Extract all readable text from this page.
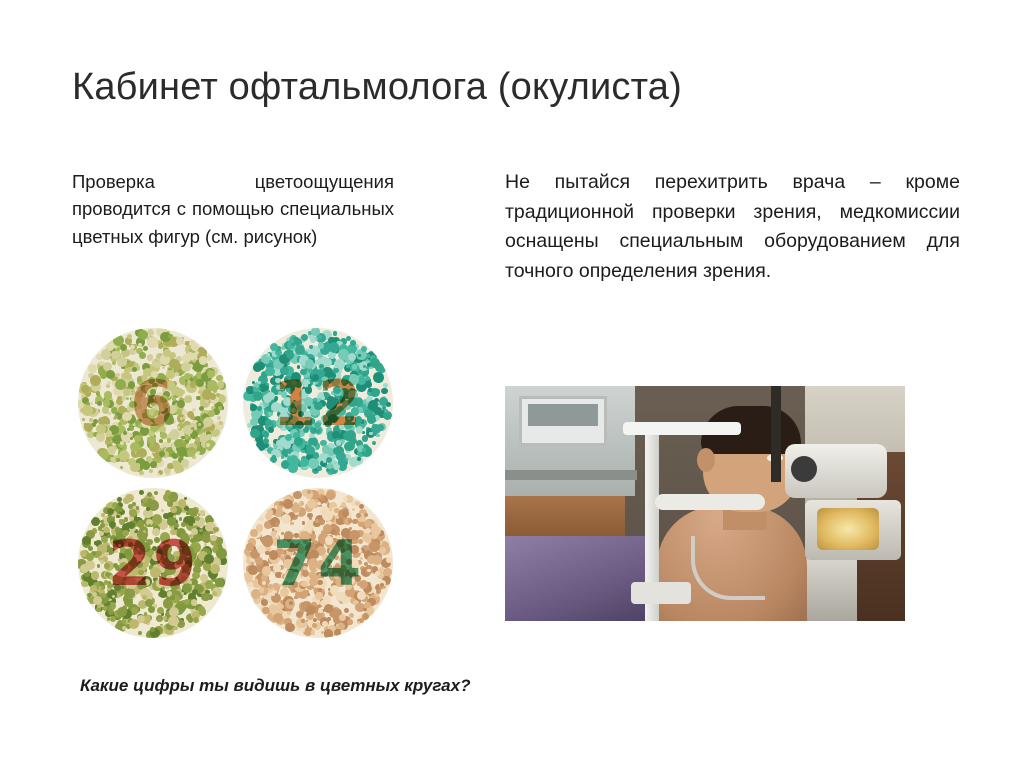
Кабинет офтальмолога (окулиста)
Проверка цветоощущения проводится с помощью специальных цветных фигур (см. рисунок)
Не пытайся перехитрить врача – кроме традиционной проверки зрения, медкомиссии оснащены специальным оборудованием для точного определения зрения.
6	12
29	74
Какие цифры ты видишь в цветных кругах?
